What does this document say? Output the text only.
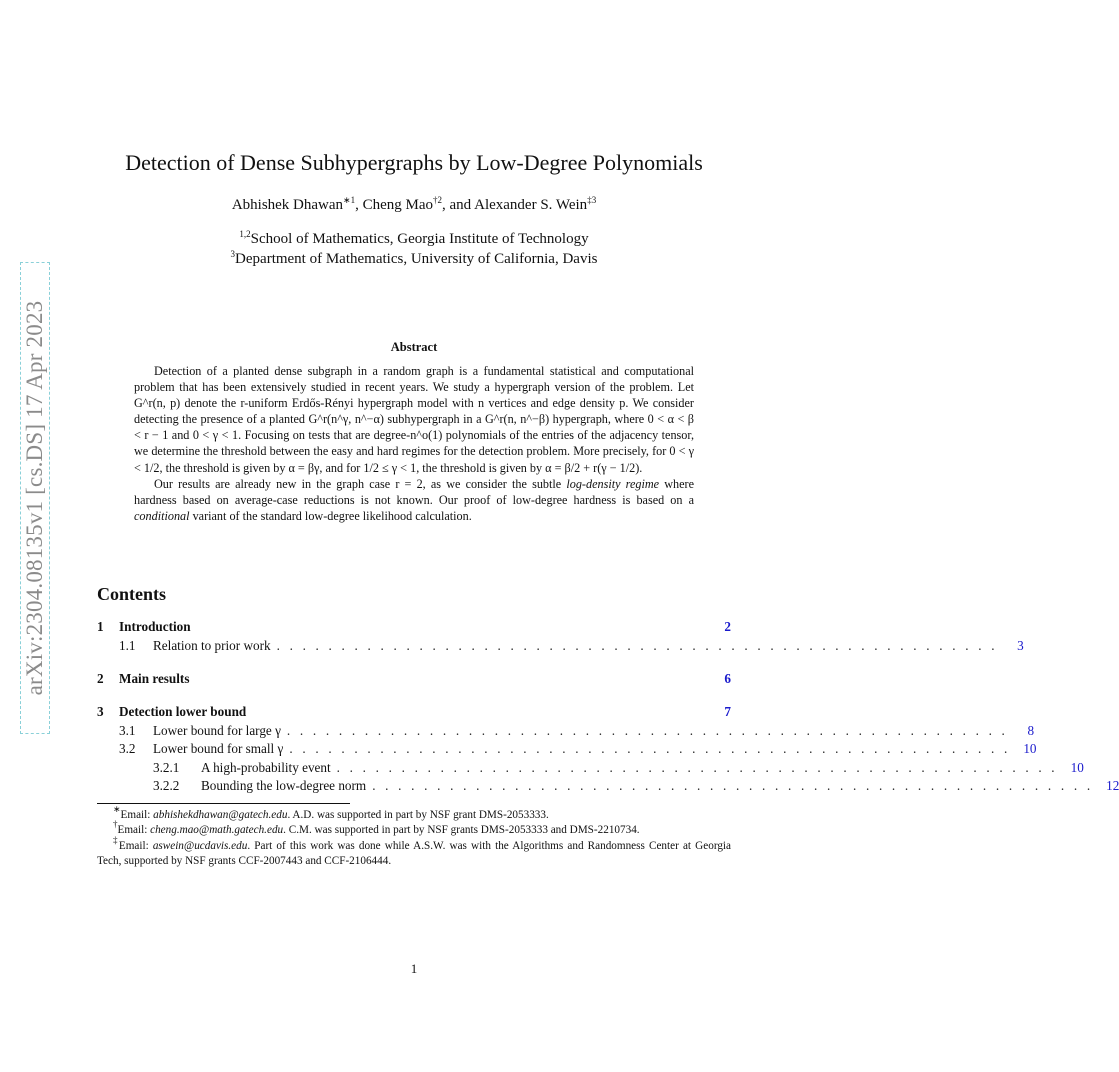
arXiv:2304.08135v1 [cs.DS] 17 Apr 2023
Detection of Dense Subhypergraphs by Low-Degree Polynomials
Abhishek Dhawan$^{∗1}$, Cheng Mao$^{\dagger 2}$, and Alexander S. Wein$^{\ddagger 3}$
$^{1,2}$School of Mathematics, Georgia Institute of Technology
$^3$Department of Mathematics, University of California, Davis
Abstract

Detection of a planted dense subgraph in a random graph is a fundamental statistical and computational problem that has been extensively studied in recent years. We study a hypergraph version of the problem. Let G^r(n, p) denote the r-uniform Erdős-Rényi hypergraph model with n vertices and edge density p. We consider detecting the presence of a planted G^r(n^γ, n^−α) subhypergraph in a G^r(n, n^−β) hypergraph, where 0 < α < β < r − 1 and 0 < γ < 1. Focusing on tests that are degree-n^o(1) polynomials of the entries of the adjacency tensor, we determine the threshold between the easy and hard regimes for the detection problem. More precisely, for 0 < γ < 1/2, the threshold is given by α = βγ, and for 1/2 ≤ γ < 1, the threshold is given by α = β/2 + r(γ − 1/2).

Our results are already new in the graph case r = 2, as we consider the subtle log-density regime where hardness based on average-case reductions is not known. Our proof of low-degree hardness is based on a conditional variant of the standard low-degree likelihood calculation.

Contents
1	Introduction	2
1.1	Relation to prior work . . . . . . . . . . . . . . . . . . . . . . . . . . . . . . . . . . . . . . . . . . . . . . . . . . . . . . . .	3
2	Main results	6
3	Detection lower bound	7
3.1	Lower bound for large γ . . . . . . . . . . . . . . . . . . . . . . . . . . . . . . . . . . . . . . . . . . . . . . . . . . . . . . . .	8
3.2	Lower bound for small γ . . . . . . . . . . . . . . . . . . . . . . . . . . . . . . . . . . . . . . . . . . . . . . . . . . . . . . . . 10
3.2.1	A high-probability event . . . . . . . . . . . . . . . . . . . . . . . . . . . . . . . . . . . . . . . . . . . . . . . . . . . . . . . . 10
3.2.2	Bounding the low-degree norm . . . . . . . . . . . . . . . . . . . . . . . . . . . . . . . . . . . . . . . . . . . . . . . . . . . . . . . . 12

∗Email: abhishekdhawan@gatech.edu. A.D. was supported in part by NSF grant DMS-2053333.

†Email: cheng.mao@math.gatech.edu. C.M. was supported in part by NSF grants DMS-2053333 and DMS-2210734.

‡Email: aswein@ucdavis.edu. Part of this work was done while A.S.W. was with the Algorithms and Randomness Center at Georgia Tech, supported by NSF grants CCF-2007443 and CCF-2106444.

1
